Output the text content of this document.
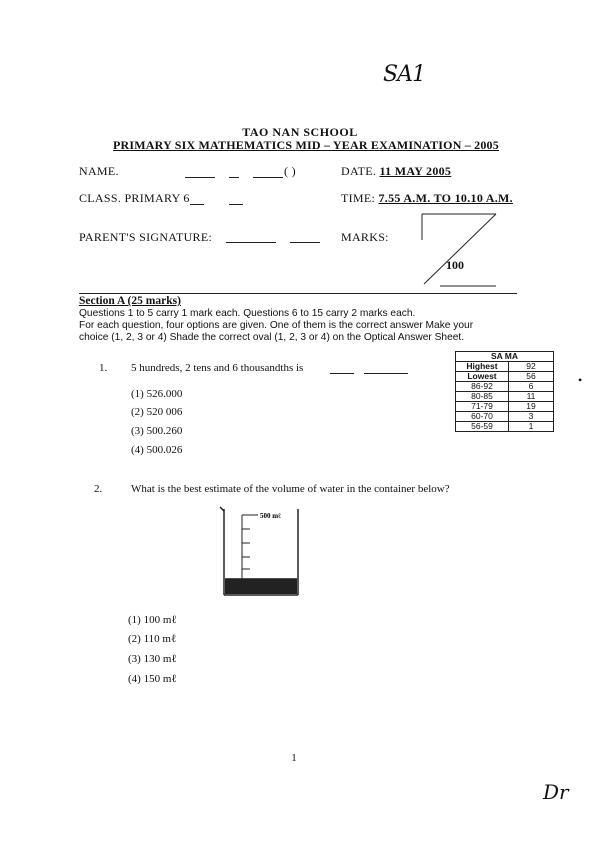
SA1
TAO NAN SCHOOL
PRIMARY SIX MATHEMATICS MID – YEAR EXAMINATION – 2005
NAME.	( )	DATE. 11 MAY 2005
CLASS. PRIMARY 6	TIME: 7.55 A.M. TO 10.10 A.M.
PARENT'S SIGNATURE:	MARKS:
100
Section A (25 marks)
Questions 1 to 5 carry 1 mark each. Questions 6 to 15 carry 2 marks each.
For each question, four options are given. One of them is the correct answer Make your
choice (1, 2, 3 or 4) Shade the correct oval (1, 2, 3 or 4) on the Optical Answer Sheet.
1. 5 hundreds, 2 tens and 6 thousandths is
(1) 526.000
(2) 520 006
(3) 500.260
(4) 500.026
SA MA	
Highest	92
Lowest	56
86-92	6
80-85	11
71-79	19
60-70	3
56-59	1
•
2.	What is the best estimate of the volume of water in the container below?
500 mℓ
(1) 100 mℓ
(2) 110 mℓ
(3) 130 mℓ
(4) 150 mℓ
1
Dr
